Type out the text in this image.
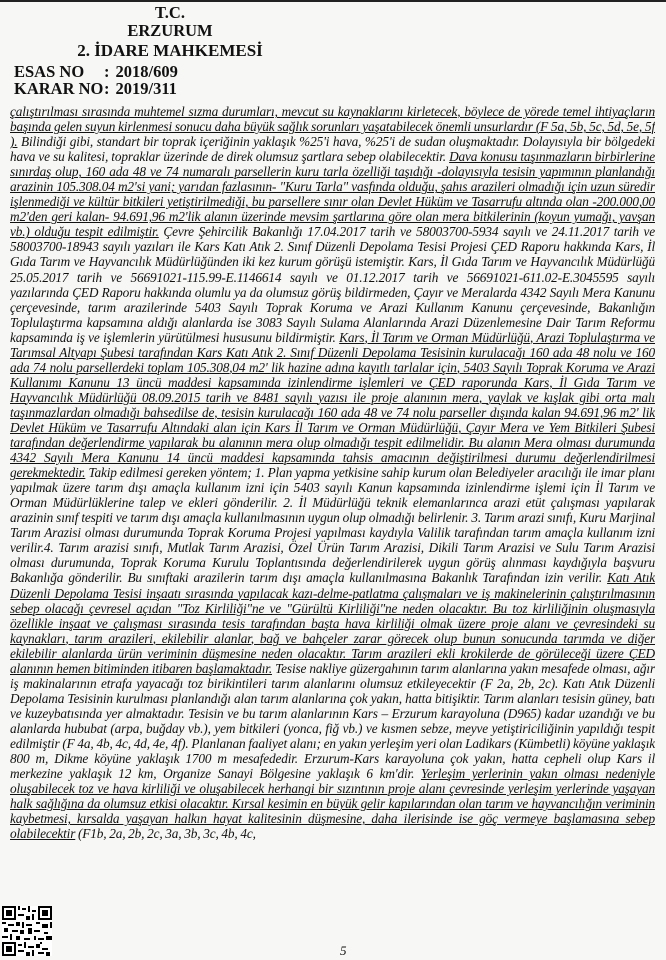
T.C.
ERZURUM
2. İDARE MAHKEMESİ
ESAS NO : 2018/609
KARAR NO: 2019/311
çalıştırılması sırasında muhtemel sızma durumları, mevcut su kaynaklarını kirletecek, böylece de yörede temel ihtiyaçların başında gelen suyun kirlenmesi sonucu daha büyük sağlık sorunları yaşatabilecek önemli unsurlardır (F 5a, 5b, 5c, 5d, 5e, 5f ). Bilindiği gibi, standart bir toprak içeriğinin yaklaşık %25'i hava, %25'i de sudan oluşmaktadır. Dolayısıyla bir bölgedeki hava ve su kalitesi, topraklar üzerinde de direk olumsuz şartlara sebep olabilecektir. Dava konusu taşınmazların birbirlerine sınırdaş olup, 160 ada 48 ve 74 numaralı parsellerin kuru tarla özelliği taşıdığı -dolayısıyla tesisin yapımının planlandığı arazinin 105.308.04 m2'si yani; yarıdan fazlasının- "Kuru Tarla" vasfında olduğu, şahıs arazileri olmadığı için uzun süredir işlenmediği ve kültür bitkileri yetiştirilmediği, bu parsellere sınır olan Devlet Hüküm ve Tasarrufu altında olan -200.000,00 m2'den geri kalan- 94.691,96 m2'lik alanın üzerinde mevsim şartlarına göre olan mera bitkilerinin (koyun yumağı, yavşan vb.) olduğu tespit edilmiştir. Çevre Şehircilik Bakanlığı 17.04.2017 tarih ve 58003700-5934 sayılı ve 24.11.2017 tarih ve 58003700-18943 sayılı yazıları ile Kars Katı Atık 2. Sınıf Düzenli Depolama Tesisi Projesi ÇED Raporu hakkında Kars, İl Gıda Tarım ve Hayvancılık Müdürlüğünden iki kez kurum görüşü istemiştir. Kars, İl Gıda Tarım ve Hayvancılık Müdürlüğü 25.05.2017 tarih ve 56691021-115.99-E.1146614 sayılı ve 01.12.2017 tarih ve 56691021-611.02-E.3045595 sayılı yazılarında ÇED Raporu hakkında olumlu ya da olumsuz görüş bildirmeden, Çayır ve Meralarda 4342 Sayılı Mera Kanunu çerçevesinde, tarım arazilerinde 5403 Sayılı Toprak Koruma ve Arazi Kullanım Kanunu çerçevesinde, Bakanlığın Toplulaştırma kapsamına aldığı alanlarda ise 3083 Sayılı Sulama Alanlarında Arazi Düzenlemesine Dair Tarım Reformu kapsamında iş ve işlemlerin yürütülmesi hususunu bildirmiştir. Kars, İl Tarım ve Orman Müdürlüğü, Arazi Toplulaştırma ve Tarımsal Altyapı Şubesi tarafından Kars Katı Atık 2. Sınıf Düzenli Depolama Tesisinin kurulacağı 160 ada 48 nolu ve 160 ada 74 nolu parsellerdeki toplam 105.308,04 m2' lik hazine adına kayıtlı tarlalar için, 5403 Sayılı Toprak Koruma ve Arazi Kullanımı Kanunu 13 üncü maddesi kapsamında izinlendirme işlemleri ve ÇED raporunda Kars, İl Gıda Tarım ve Hayvancılık Müdürlüğü 08.09.2015 tarih ve 8481 sayılı yazısı ile proje alanının mera, yaylak ve kışlak gibi orta malı taşınmazlardan olmadığı bahsedilse de, tesisin kurulacağı 160 ada 48 ve 74 nolu parseller dışında kalan 94.691,96 m2' lik Devlet Hüküm ve Tasarrufu Altındaki alan için Kars İl Tarım ve Orman Müdürlüğü, Çayır Mera ve Yem Bitkileri Şubesi tarafından değerlendirme yapılarak bu alanının mera olup olmadığı tespit edilmelidir. Bu alanın Mera olması durumunda 4342 Sayılı Mera Kanunu 14 üncü maddesi kapsamında tahsis amacının değiştirilmesi durumu değerlendirilmesi gerekmektedir. Takip edilmesi gereken yöntem; 1. Plan yapma yetkisine sahip kurum olan Belediyeler aracılığı ile imar planı yapılmak üzere tarım dışı amaçla kullanım izni için 5403 sayılı Kanun kapsamında izinlendirme işlemi için İl Tarım ve Orman Müdürlüklerine talep ve ekleri gönderilir. 2. İl Müdürlüğü teknik elemanlarınca arazi etüt çalışması yapılarak arazinin sınıf tespiti ve tarım dışı amaçla kullanılmasının uygun olup olmadığı belirlenir. 3. Tarım arazi sınıfı, Kuru Marjinal Tarım Arazisi olması durumunda Toprak Koruma Projesi yapılması kaydıyla Valilik tarafından tarım amaçla kullanım izni verilir.4. Tarım arazisi sınıfı, Mutlak Tarım Arazisi, Özel Ürün Tarım Arazisi, Dikili Tarım Arazisi ve Sulu Tarım Arazisi olması durumunda, Toprak Koruma Kurulu Toplantısında değerlendirilerek uygun görüş alınması kaydığıyla başvuru Bakanlığa gönderilir. Bu sınıftaki arazilerin tarım dışı amaçla kullanılmasına Bakanlık Tarafından izin verilir. Katı Atık Düzenli Depolama Tesisi inşaatı sırasında yapılacak kazı-delme-patlatma çalışmaları ve iş makinelerinin çalıştırılmasının sebep olacağı çevresel açıdan "Toz Kirliliği"ne ve "Gürültü Kirliliği"ne neden olacaktır. Bu toz kirliliğinin oluşmasıyla özellikle inşaat ve çalışması sırasında tesis tarafından başta hava kirliliği olmak üzere proje alanı ve çevresindeki su kaynakları, tarım arazileri, ekilebilir alanlar, bağ ve bahçeler zarar görecek olup bunun sonucunda tarımda ve diğer ekilebilir alanlarda ürün veriminin düşmesine neden olacaktır. Tarım arazileri ekli krokilerde de görüleceği üzere ÇED alanının hemen bitiminden itibaren başlamaktadır. Tesise nakliye güzergahının tarım alanlarına yakın mesafede olması, ağır iş makinalarının etrafa yayacağı toz birikintileri tarım alanlarını olumsuz etkileyecektir (F 2a, 2b, 2c). Katı Atık Düzenli Depolama Tesisinin kurulması planlandığı alan tarım alanlarına çok yakın, hatta bitişiktir. Tarım alanları tesisin güney, batı ve kuzeybatısında yer almaktadır. Tesisin ve bu tarım alanlarının Kars – Erzurum karayoluna (D965) kadar uzandığı ve bu alanlarda hububat (arpa, buğday vb.), yem bitkileri (yonca, fiğ vb.) ve kısmen sebze, meyve yetiştiriciliğinin yapıldığı tespit edilmiştir (F 4a, 4b, 4c, 4d, 4e, 4f). Planlanan faaliyet alanı; en yakın yerleşim yeri olan Ladikars (Kümbetli) köyüne yaklaşık 800 m, Dikme köyüne yaklaşık 1700 m mesafededir. Erzurum-Kars karayoluna çok yakın, hatta cepheli olup Kars il merkezine yaklaşık 12 km, Organize Sanayi Bölgesine yaklaşık 6 km'dir. Yerleşim yerlerinin yakın olması nedeniyle oluşabilecek toz ve hava kirliliği ve oluşabilecek herhangi bir sızıntının proje alanı çevresinde yerleşim yerlerinde yaşayan halk sağlığına da olumsuz etkisi olacaktır. Kırsal kesimin en büyük gelir kapılarından olan tarım ve hayvancılığın veriminin kaybetmesi, kırsalda yaşayan halkın hayat kalitesinin düşmesine, daha ilerisinde ise göç vermeye başlamasına sebep olabilecektir (F1b, 2a, 2b, 2c, 3a, 3b, 3c, 4b, 4c,
5
